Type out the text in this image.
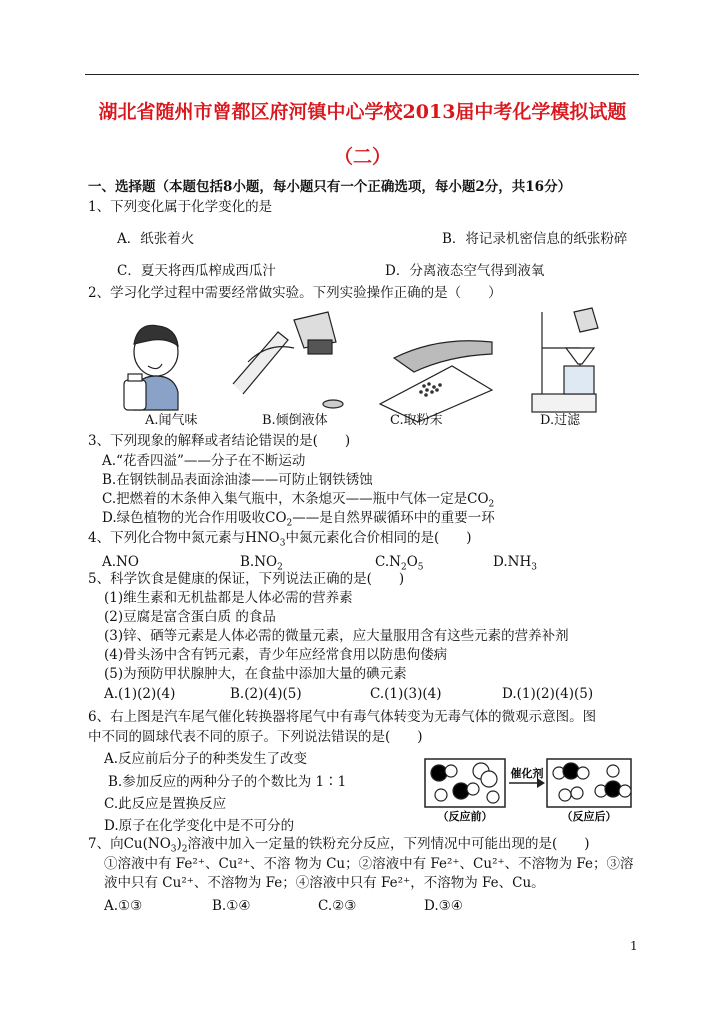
湖北省随州市曾都区府河镇中心学校2013届中考化学模拟试题
（二）
一、选择题（本题包括8小题，每小题只有一个正确选项，每小题2分，共16分）
1、下列变化属于化学变化的是
A．纸张着火	B．将记录机密信息的纸张粉碎
C．夏天将西瓜榨成西瓜汁	D．分离液态空气得到液氧
2、学习化学过程中需要经常做实验。下列实验操作正确的是（　　）
A.闻气味	B.倾倒液体	C.取粉末	D.过滤
3、下列现象的解释或者结论错误的是(　　)
A.“花香四溢”——分子在不断运动
B.在钢铁制品表面涂油漆——可防止钢铁锈蚀
C.把燃着的木条伸入集气瓶中，木条熄灭——瓶中气体一定是$CO_2$
D.绿色植物的光合作用吸收$CO_2——$是自然界碳循环中的重要一环
4、下列化合物中氮元素与$HNO_3$中氮元素化合价相同的是(　　)
A.NO	$B.NO_2$	$C.N_2O_5$	$D.NH_3$
5、科学饮食是健康的保证，下列说法正确的是(　　)
(1)维生素和无机盐都是人体必需的营养素
(2)豆腐是富含蛋白质 的食品
(3)锌、硒等元素是人体必需的微量元素，应大量服用含有这些元素的营养补剂
(4)骨头汤中含有钙元素，青少年应经常食用以防患佝偻病
(5)为预防甲状腺肿大，在食盐中添加大量的碘元素
A.(1)(2)(4)	B.(2)(4)(5)	C.(1)(3)(4)	D.(1)(2)(4)(5)
6、右上图是汽车尾气催化转换器将尾气中有毒气体转变为无毒气体的微观示意图。图
中不同的圆球代表不同的原子。下列说法错误的是(　　)
A.反应前后分子的种类发生了改变
B.参加反应的两种分子的个数比为 1∶1
C.此反应是置换反应
D.原子在化学变化中是不可分的
催化剂
（反应前）	（反应后）
7、向$Cu(NO_3)_2$溶液中加入一定量的铁粉充分反应，下列情况中可能出现的是(　　)
①溶液中有 Fe²⁺、Cu²⁺、不溶 物为 Cu；②溶液中有 Fe²⁺、Cu²⁺、不溶物为 Fe；③溶
液中只有 Cu²⁺、不溶物为 Fe；④溶液中只有 Fe²⁺，不溶物为 Fe、Cu。
A.①③	B.①④	C.②③	D.③④
1
